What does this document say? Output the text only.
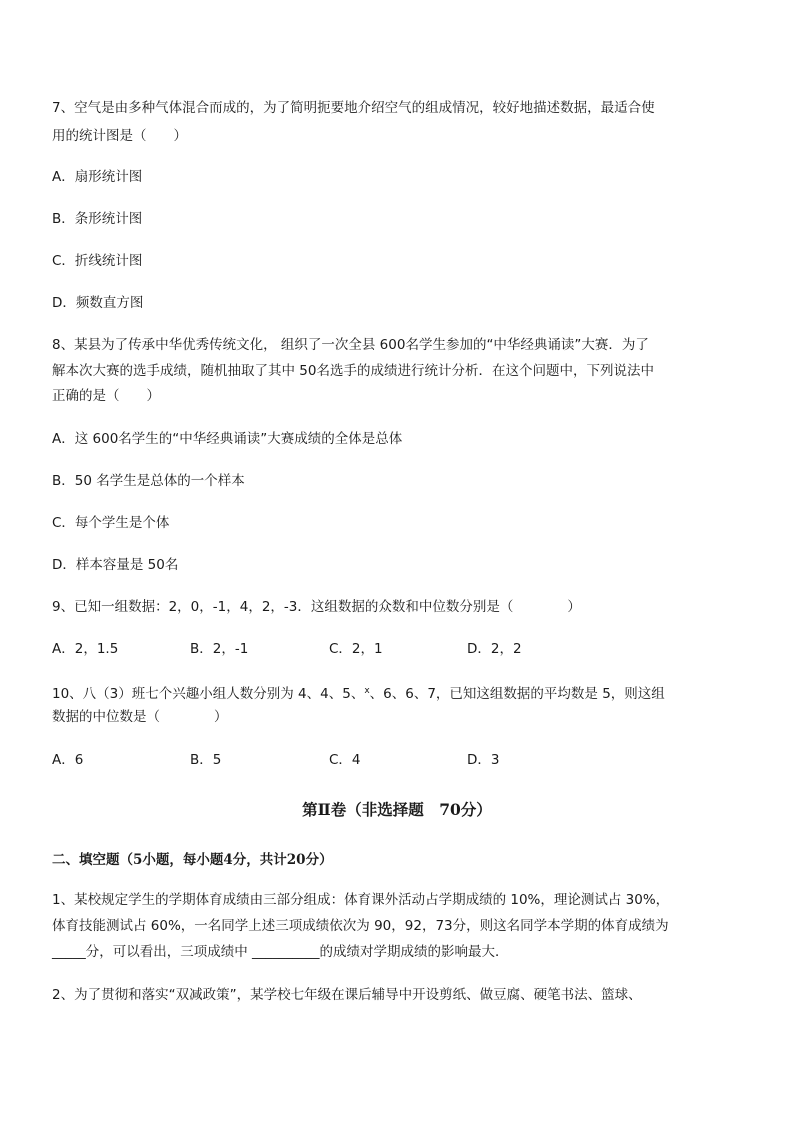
7、空气是由多种气体混合而成的，为了简明扼要地介绍空气的组成情况，较好地描述数据，最适合使
用的统计图是（　　）
A．扇形统计图
B．条形统计图
C．折线统计图
D．频数直方图
8、某县为了传承中华优秀传统文化， 组织了一次全县 600名学生参加的“中华经典诵读”大赛．为了
解本次大赛的选手成绩，随机抽取了其中 50名选手的成绩进行统计分析．在这个问题中，下列说法中
正确的是（　　）
A．这 600名学生的“中华经典诵读”大赛成绩的全体是总体
B．50 名学生是总体的一个样本
C．每个学生是个体
D．样本容量是 50名
9、已知一组数据：2，0，-1，4，2，-3．这组数据的众数和中位数分别是（　　　　）
A．2，1.5	B．2，-1	C．2，1	D．2，2
10、八（3）班七个兴趣小组人数分别为 4、4、5、$^x$、6、6、7，已知这组数据的平均数是 5，则这组
数据的中位数是（　　　　）
A．6	B．5	C．4	D．3
第Ⅱ卷（非选择题　70分）
二、填空题（5小题，每小题4分，共计20分）
1、某校规定学生的学期体育成绩由三部分组成：体育课外活动占学期成绩的 10%，理论测试占 30%，
体育技能测试占 60%，一名同学上述三项成绩依次为 90，92，73分，则这名同学本学期的体育成绩为
_____分，可以看出，三项成绩中 __________的成绩对学期成绩的影响最大．
2、为了贯彻和落实“双减政策”，某学校七年级在课后辅导中开设剪纸、做豆腐、硬笔书法、篮球、
